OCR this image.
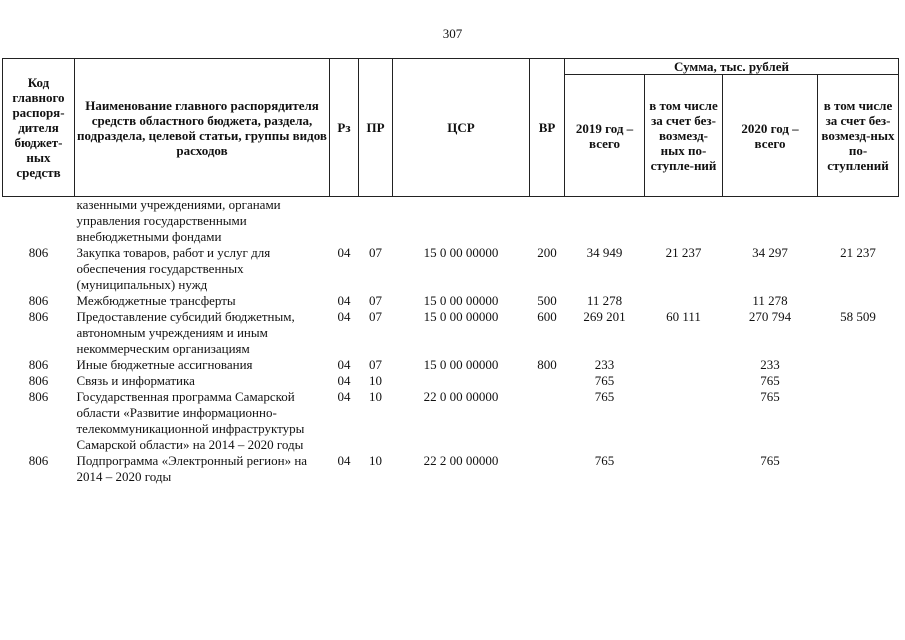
307
Код главного распоря-дителя бюджет-ных средств	Наименование главного распорядителя средств областного бюджета, раздела, подраздела, целевой статьи, группы видов расходов	Рз	ПР	ЦСР	ВР	Сумма, тыс. рублей			
						2019 год – всего	в том числе за счет без-возмезд-ных по-ступле-ний	2020 год – всего	в том числе за счет без-возмезд-ных по-ступлений
	казенными учреждениями, органами управления государственными внебюджетными фондами								
806	Закупка товаров, работ и услуг для обеспечения государственных (муниципальных) нужд	04	07	15 0 00 00000	200	34 949	21 237	34 297	21 237
806	Межбюджетные трансферты	04	07	15 0 00 00000	500	11 278		11 278	
806	Предоставление субсидий бюджетным, автономным учреждениям и иным некоммерческим организациям	04	07	15 0 00 00000	600	269 201	60 111	270 794	58 509
806	Иные бюджетные ассигнования	04	07	15 0 00 00000	800	233		233	
806	Связь и информатика	04	10			765		765	
806	Государственная программа Самарской области «Развитие информационно-телекоммуникационной инфраструктуры Самарской области» на 2014 – 2020 годы	04	10	22 0 00 00000		765		765	
806	Подпрограмма «Электронный регион» на 2014 – 2020 годы	04	10	22 2 00 00000		765		765	
